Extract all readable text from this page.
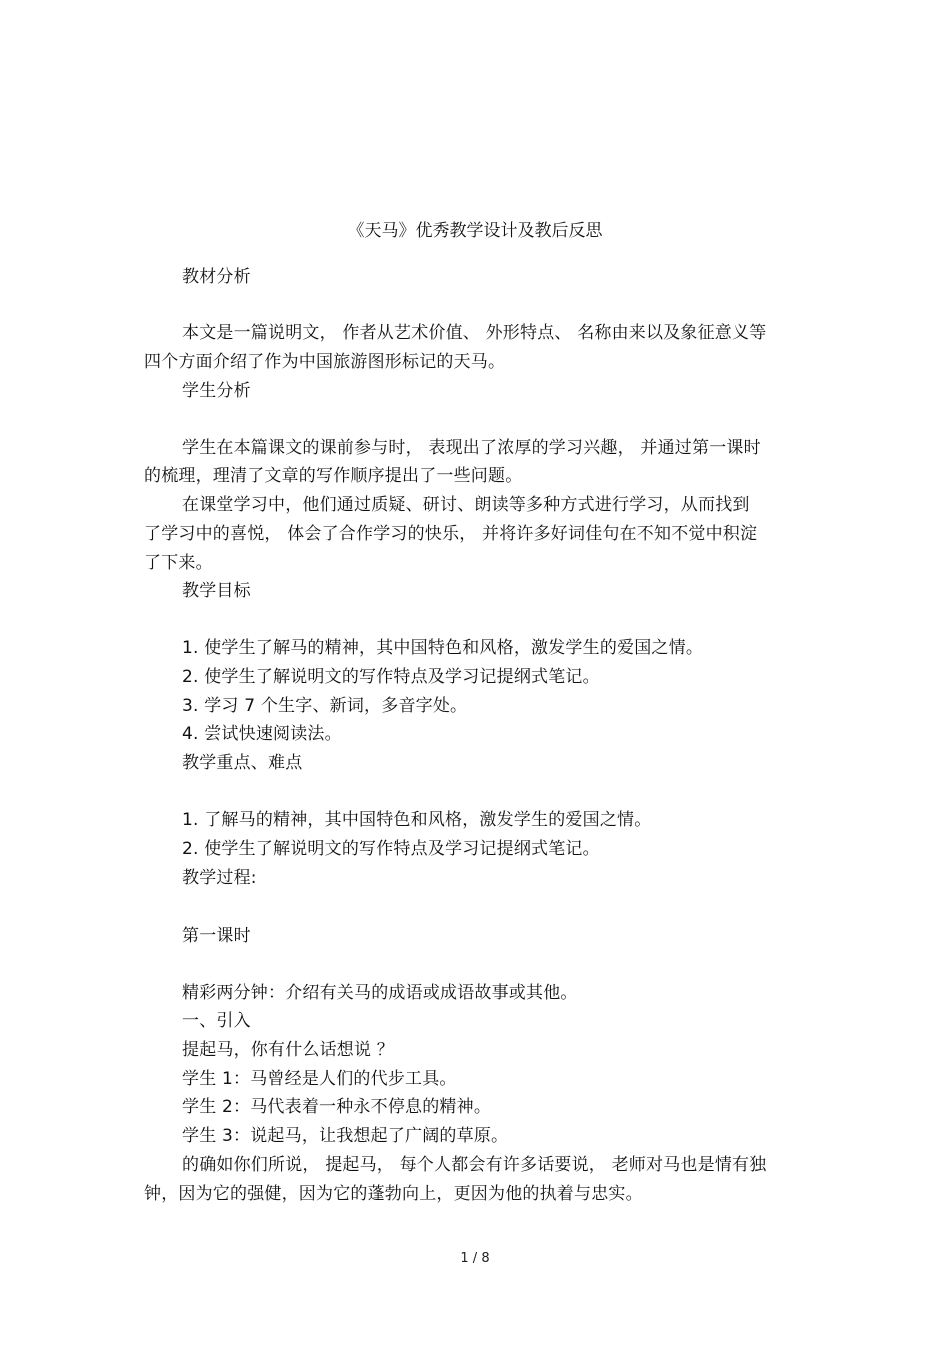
《天马》优秀教学设计及教后反思
教材分析
本文是一篇说明文， 作者从艺术价值、 外形特点、 名称由来以及象征意义等
四个方面介绍了作为中国旅游图形标记的天马。
学生分析
学生在本篇课文的课前参与时， 表现出了浓厚的学习兴趣， 并通过第一课时
的梳理，理清了文章的写作顺序提出了一些问题。
在课堂学习中，他们通过质疑、研讨、朗读等多种方式进行学习，从而找到
了学习中的喜悦， 体会了合作学习的快乐， 并将许多好词佳句在不知不觉中积淀
了下来。
教学目标
1. 使学生了解马的精神，其中国特色和风格，激发学生的爱国之情。
2. 使学生了解说明文的写作特点及学习记提纲式笔记。
3. 学习 7 个生字、新词，多音字处。
4. 尝试快速阅读法。
教学重点、难点
1. 了解马的精神，其中国特色和风格，激发学生的爱国之情。
2. 使学生了解说明文的写作特点及学习记提纲式笔记。
教学过程:
第一课时
精彩两分钟：介绍有关马的成语或成语故事或其他。
一、引入
提起马，你有什么话想说 ？
学生 1：马曾经是人们的代步工具。
学生 2：马代表着一种永不停息的精神。
学生 3：说起马，让我想起了广阔的草原。
的确如你们所说， 提起马， 每个人都会有许多话要说， 老师对马也是情有独
钟，因为它的强健，因为它的蓬勃向上，更因为他的执着与忠实。
1 / 8
